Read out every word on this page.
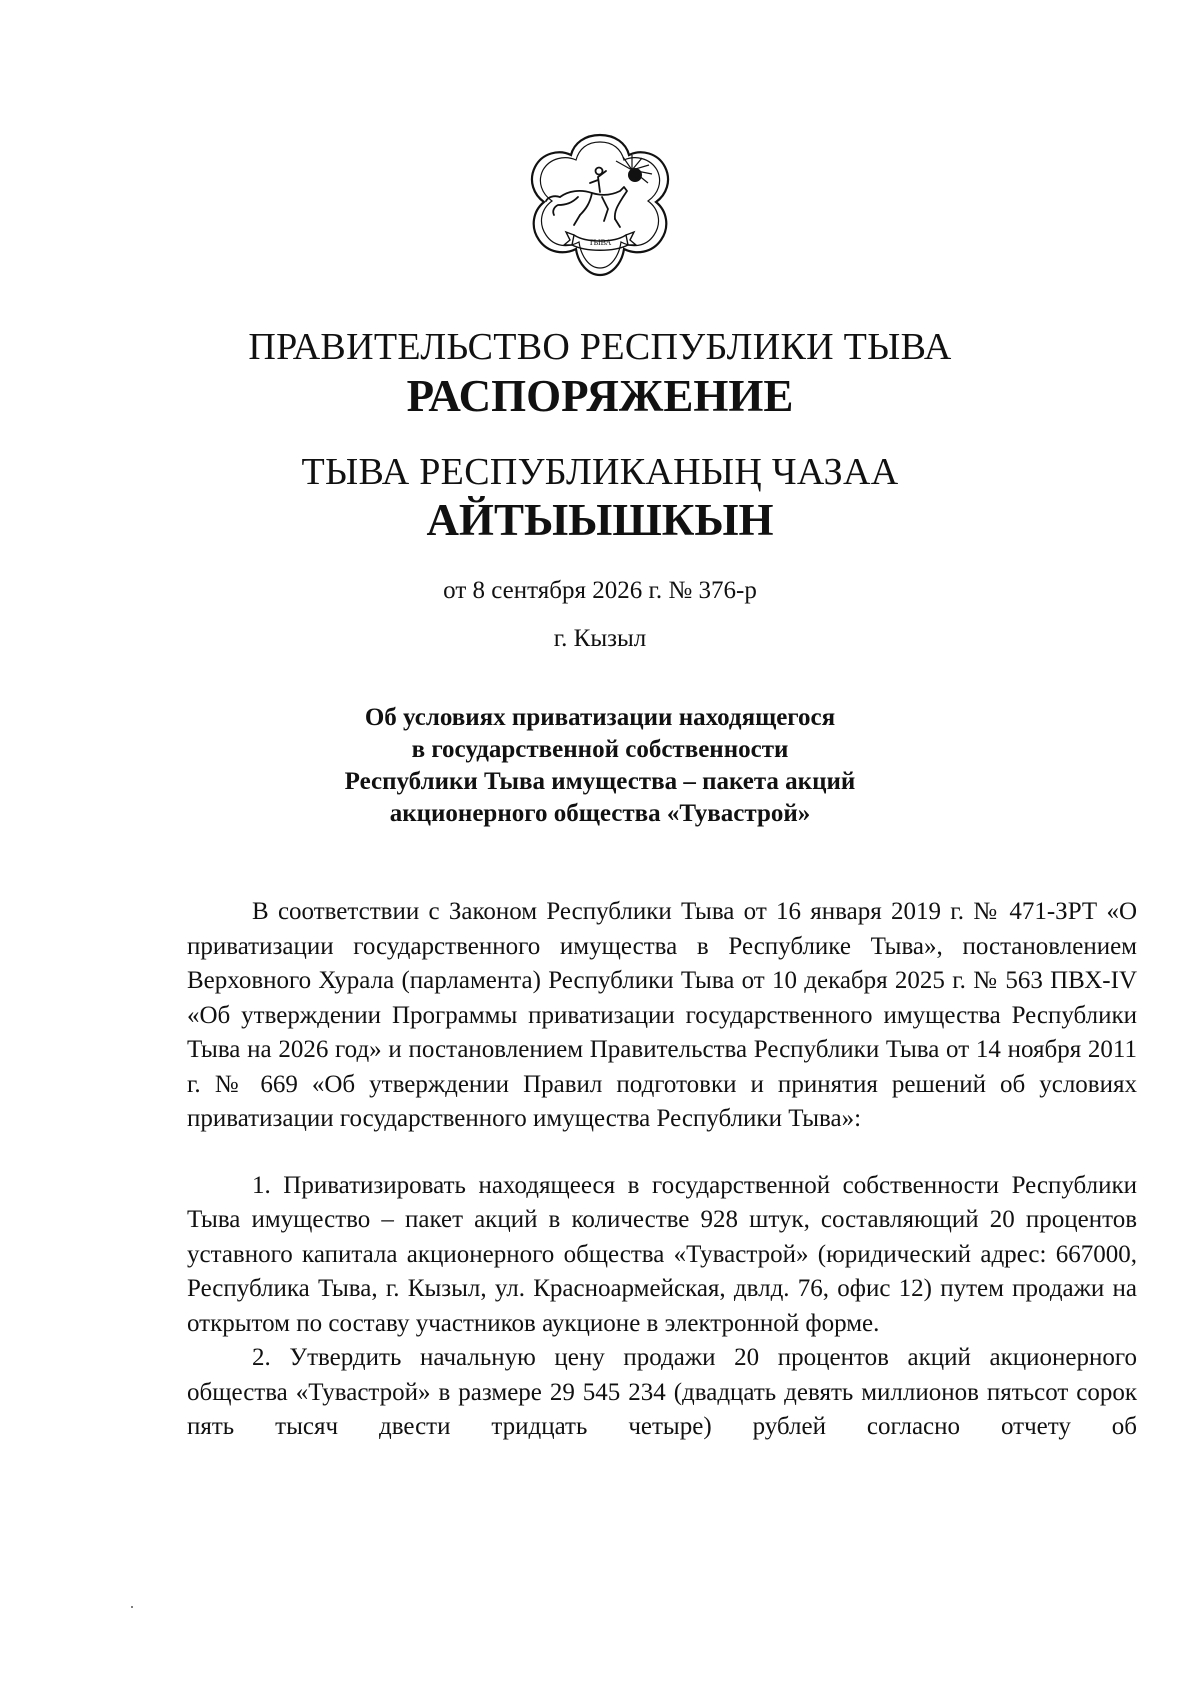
ТЫВА
ПРАВИТЕЛЬСТВО РЕСПУБЛИКИ ТЫВА
РАСПОРЯЖЕНИЕ
ТЫВА РЕСПУБЛИКАНЫҢ ЧАЗАА
АЙТЫЫШКЫН
от 8 сентября 2026 г. № 376-р
г. Кызыл
Об условиях приватизации находящегося
в государственной собственности
Республики Тыва имущества – пакета акций
акционерного общества «Тувастрой»

В соответствии с Законом Республики Тыва от 16 января 2019 г. № 471-ЗРТ «О приватизации государственного имущества в Республике Тыва», постановлением Верховного Хурала (парламента) Республики Тыва от 10 декабря 2025 г. № 563 ПВХ-IV «Об утверждении Программы приватизации государственного имущества Республики Тыва на 2026 год» и постановлением Правительства Республики Тыва от 14 ноября 2011 г. № 669 «Об утверждении Правил подготовки и принятия решений об условиях приватизации государственного имущества Республики Тыва»:

1. Приватизировать находящееся в государственной собственности Республики Тыва имущество – пакет акций в количестве 928 штук, составляющий 20 процентов уставного капитала акционерного общества «Тувастрой» (юридический адрес: 667000, Республика Тыва, г. Кызыл, ул. Красноармейская, двлд. 76, офис 12) путем продажи на открытом по составу участников аукционе в электронной форме.

2. Утвердить начальную цену продажи 20 процентов акций акционерного общества «Тувастрой» в размере 29 545 234 (двадцать девять миллионов пятьсот сорок пять тысяч двести тридцать четыре) рублей согласно отчету об
